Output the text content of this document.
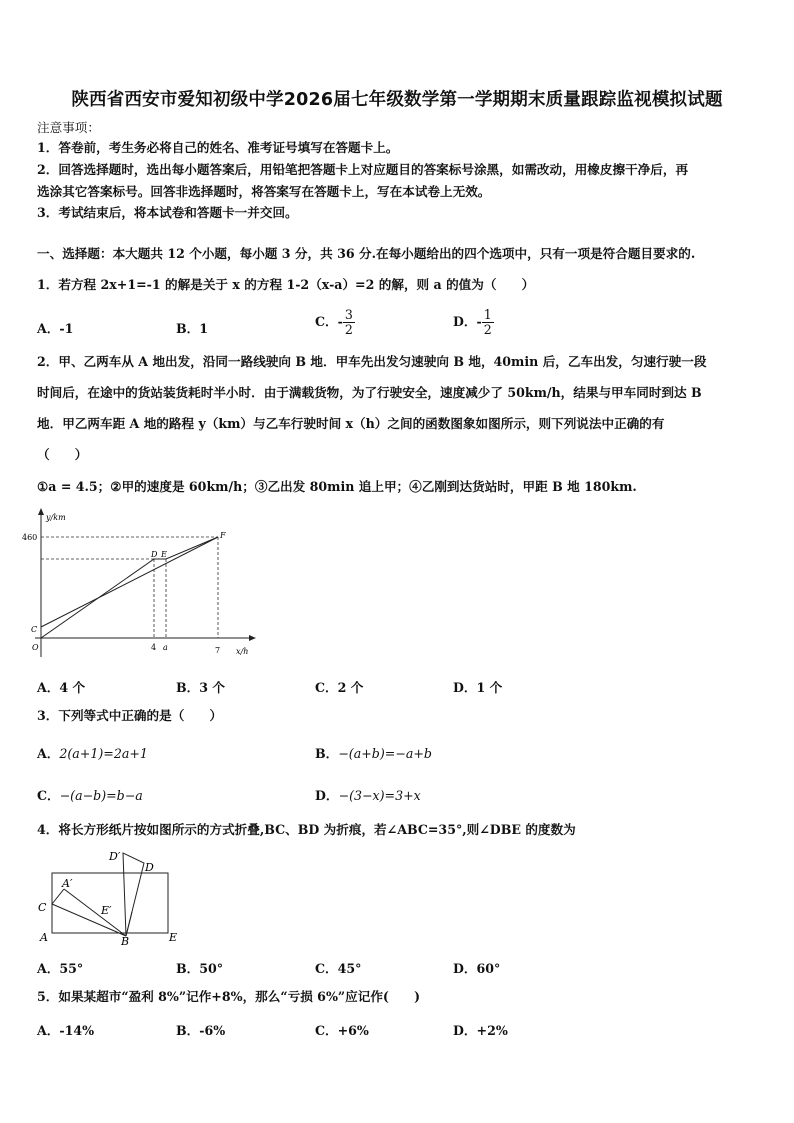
陕西省西安市爱知初级中学2026届七年级数学第一学期期末质量跟踪监视模拟试题
注意事项：
1．答卷前，考生务必将自己的姓名、准考证号填写在答题卡上。
2．回答选择题时，选出每小题答案后，用铅笔把答题卡上对应题目的答案标号涂黑，如需改动，用橡皮擦干净后，再
选涂其它答案标号。回答非选择题时，将答案写在答题卡上，写在本试卷上无效。
3．考试结束后，将本试卷和答题卡一并交回。
一、选择题：本大题共 12 个小题，每小题 3 分，共 36 分.在每小题给出的四个选项中，只有一项是符合题目要求的.
1．若方程 2x+1=-1 的解是关于 x 的方程 1-2（x-a）=2 的解，则 a 的值为（　　）
A．-1	B．1	C．- $\frac{3}{2}$	D．- $\frac{1}{2}$
2．甲、乙两车从 A 地出发，沿同一路线驶向 B 地．甲车先出发匀速驶向 B 地，40min 后，乙车出发，匀速行驶一段
时间后，在途中的货站装货耗时半小时．由于满载货物，为了行驶安全，速度减少了 50km/h，结果与甲车同时到达 B
地．甲乙两车距 A 地的路程 y（km）与乙车行驶时间 x（h）之间的函数图象如图所示，则下列说法中正确的有
（　　）
①a = 4.5；②甲的速度是 60km/h；③乙出发 80min 追上甲；④乙刚到达货站时，甲距 B 地 180km.
y/km
460
C
O
D E
F
4 a	7 x/h
A．4 个	B．3 个	C．2 个	D．1 个
3．下列等式中正确的是（　　）
A．2(a+1)=2a+1	B．−(a+b)=−a+b
C．−(a−b)=b−a	D．−(3−x)=3+x
4．将长方形纸片按如图所示的方式折叠,BC、BD 为折痕，若∠ABC=35°,则∠DBE 的度数为
D′
D
A′
C	E′
A	B	E
A．55°	B．50°	C．45°	D．60°
5．如果某超市“盈利 8%”记作+8%，那么“亏损 6%”应记作(　　)
A．-14%	B．-6%	C．+6%	D．+2%
